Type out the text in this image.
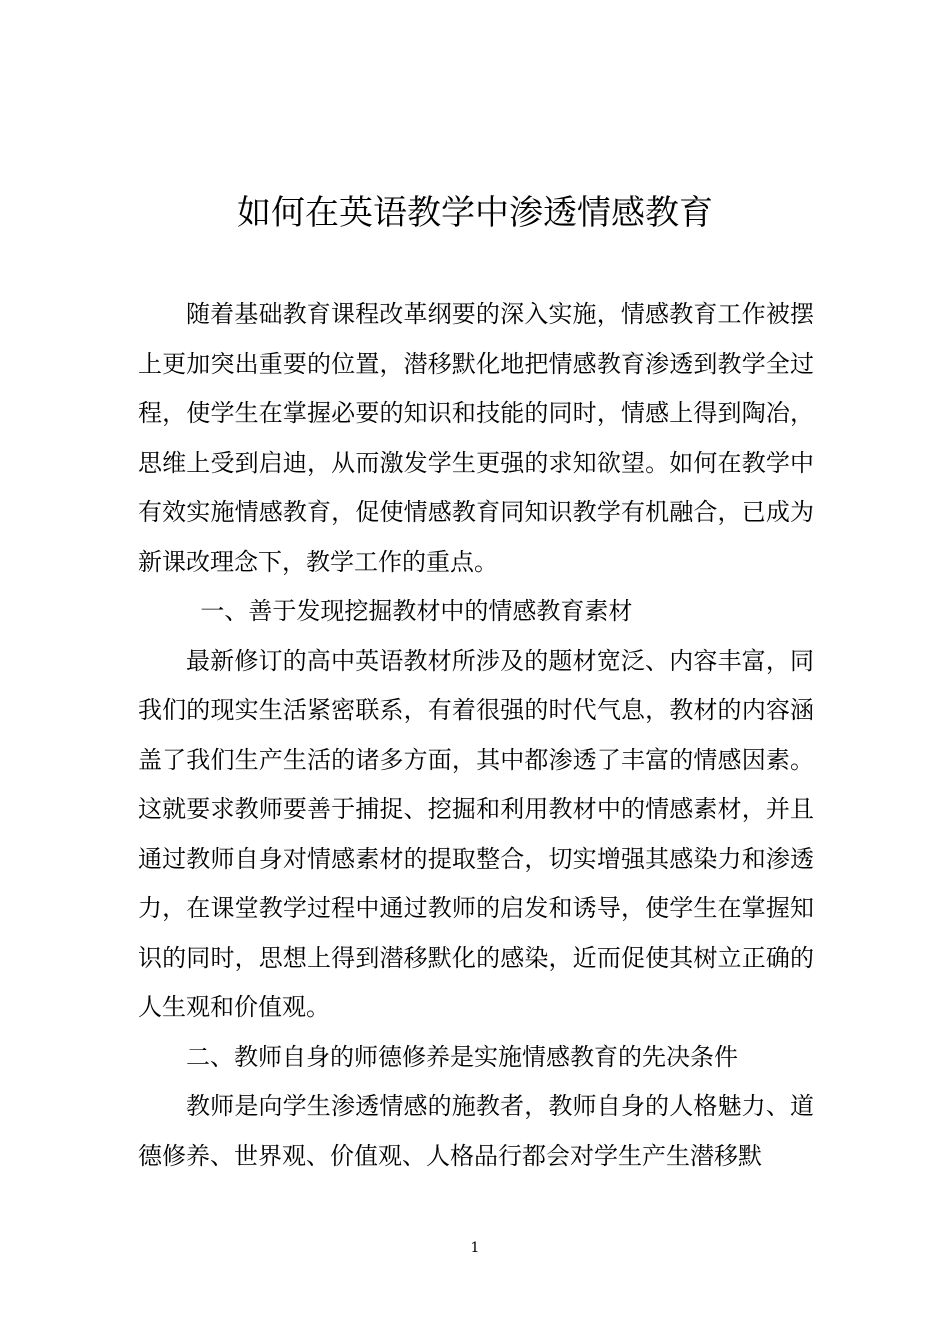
如何在英语教学中渗透情感教育

随着基础教育课程改革纲要的深入实施，情感教育工作被摆上更加突出重要的位置，潜移默化地把情感教育渗透到教学全过程，使学生在掌握必要的知识和技能的同时，情感上得到陶冶，思维上受到启迪，从而激发学生更强的求知欲望。如何在教学中有效实施情感教育，促使情感教育同知识教学有机融合，已成为新课改理念下，教学工作的重点。

一、善于发现挖掘教材中的情感教育素材

最新修订的高中英语教材所涉及的题材宽泛、内容丰富，同我们的现实生活紧密联系，有着很强的时代气息，教材的内容涵盖了我们生产生活的诸多方面，其中都渗透了丰富的情感因素。这就要求教师要善于捕捉、挖掘和利用教材中的情感素材，并且通过教师自身对情感素材的提取整合，切实增强其感染力和渗透力，在课堂教学过程中通过教师的启发和诱导，使学生在掌握知识的同时，思想上得到潜移默化的感染，近而促使其树立正确的人生观和价值观。

二、教师自身的师德修养是实施情感教育的先决条件

教师是向学生渗透情感的施教者，教师自身的人格魅力、道德修养、世界观、价值观、人格品行都会对学生产生潜移默

1
